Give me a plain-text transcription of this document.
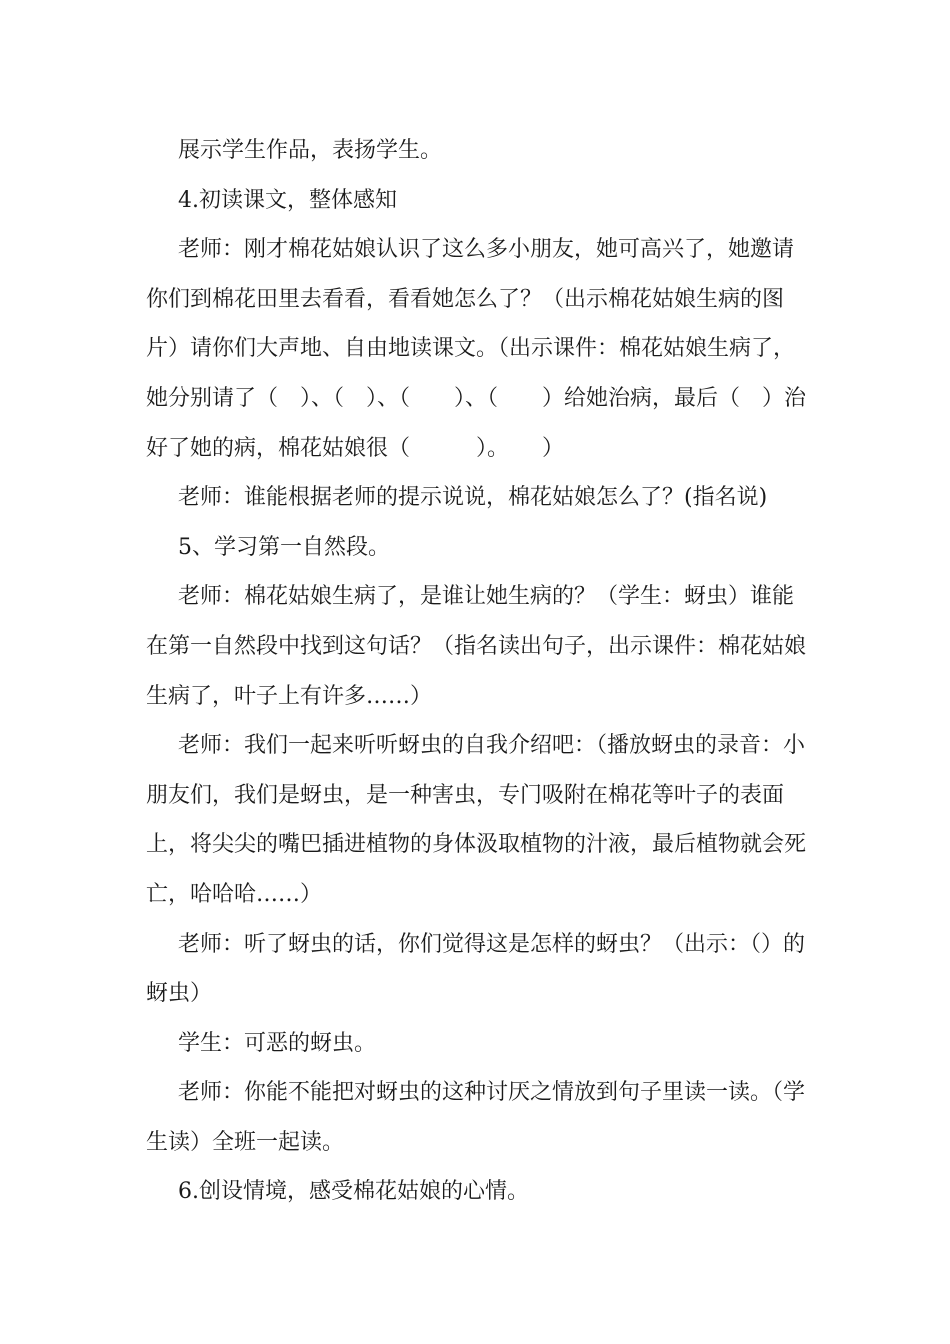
展示学生作品，表扬学生。

4.初读课文，整体感知

老师：刚才棉花姑娘认识了这么多小朋友，她可高兴了，她邀请你们到棉花田里去看看，看看她怎么了？（出示棉花姑娘生病的图片）请你们大声地、自由地读课文。（出示课件：棉花姑娘生病了，她分别请了（　）、（　）、（　　）、（　　）给她治病，最后（　）治好了她的病，棉花姑娘很（　　　）。　　）

老师：谁能根据老师的提示说说，棉花姑娘怎么了？(指名说)

5、学习第一自然段。

老师：棉花姑娘生病了，是谁让她生病的？（学生：蚜虫）谁能在第一自然段中找到这句话？（指名读出句子，出示课件：棉花姑娘生病了，叶子上有许多……）

老师：我们一起来听听蚜虫的自我介绍吧：（播放蚜虫的录音：小朋友们，我们是蚜虫，是一种害虫，专门吸附在棉花等叶子的表面上，将尖尖的嘴巴插进植物的身体汲取植物的汁液，最后植物就会死亡，哈哈哈……）

老师：听了蚜虫的话，你们觉得这是怎样的蚜虫？（出示：（）的蚜虫）

学生：可恶的蚜虫。

老师：你能不能把对蚜虫的这种讨厌之情放到句子里读一读。（学生读）全班一起读。

6.创设情境，感受棉花姑娘的心情。
